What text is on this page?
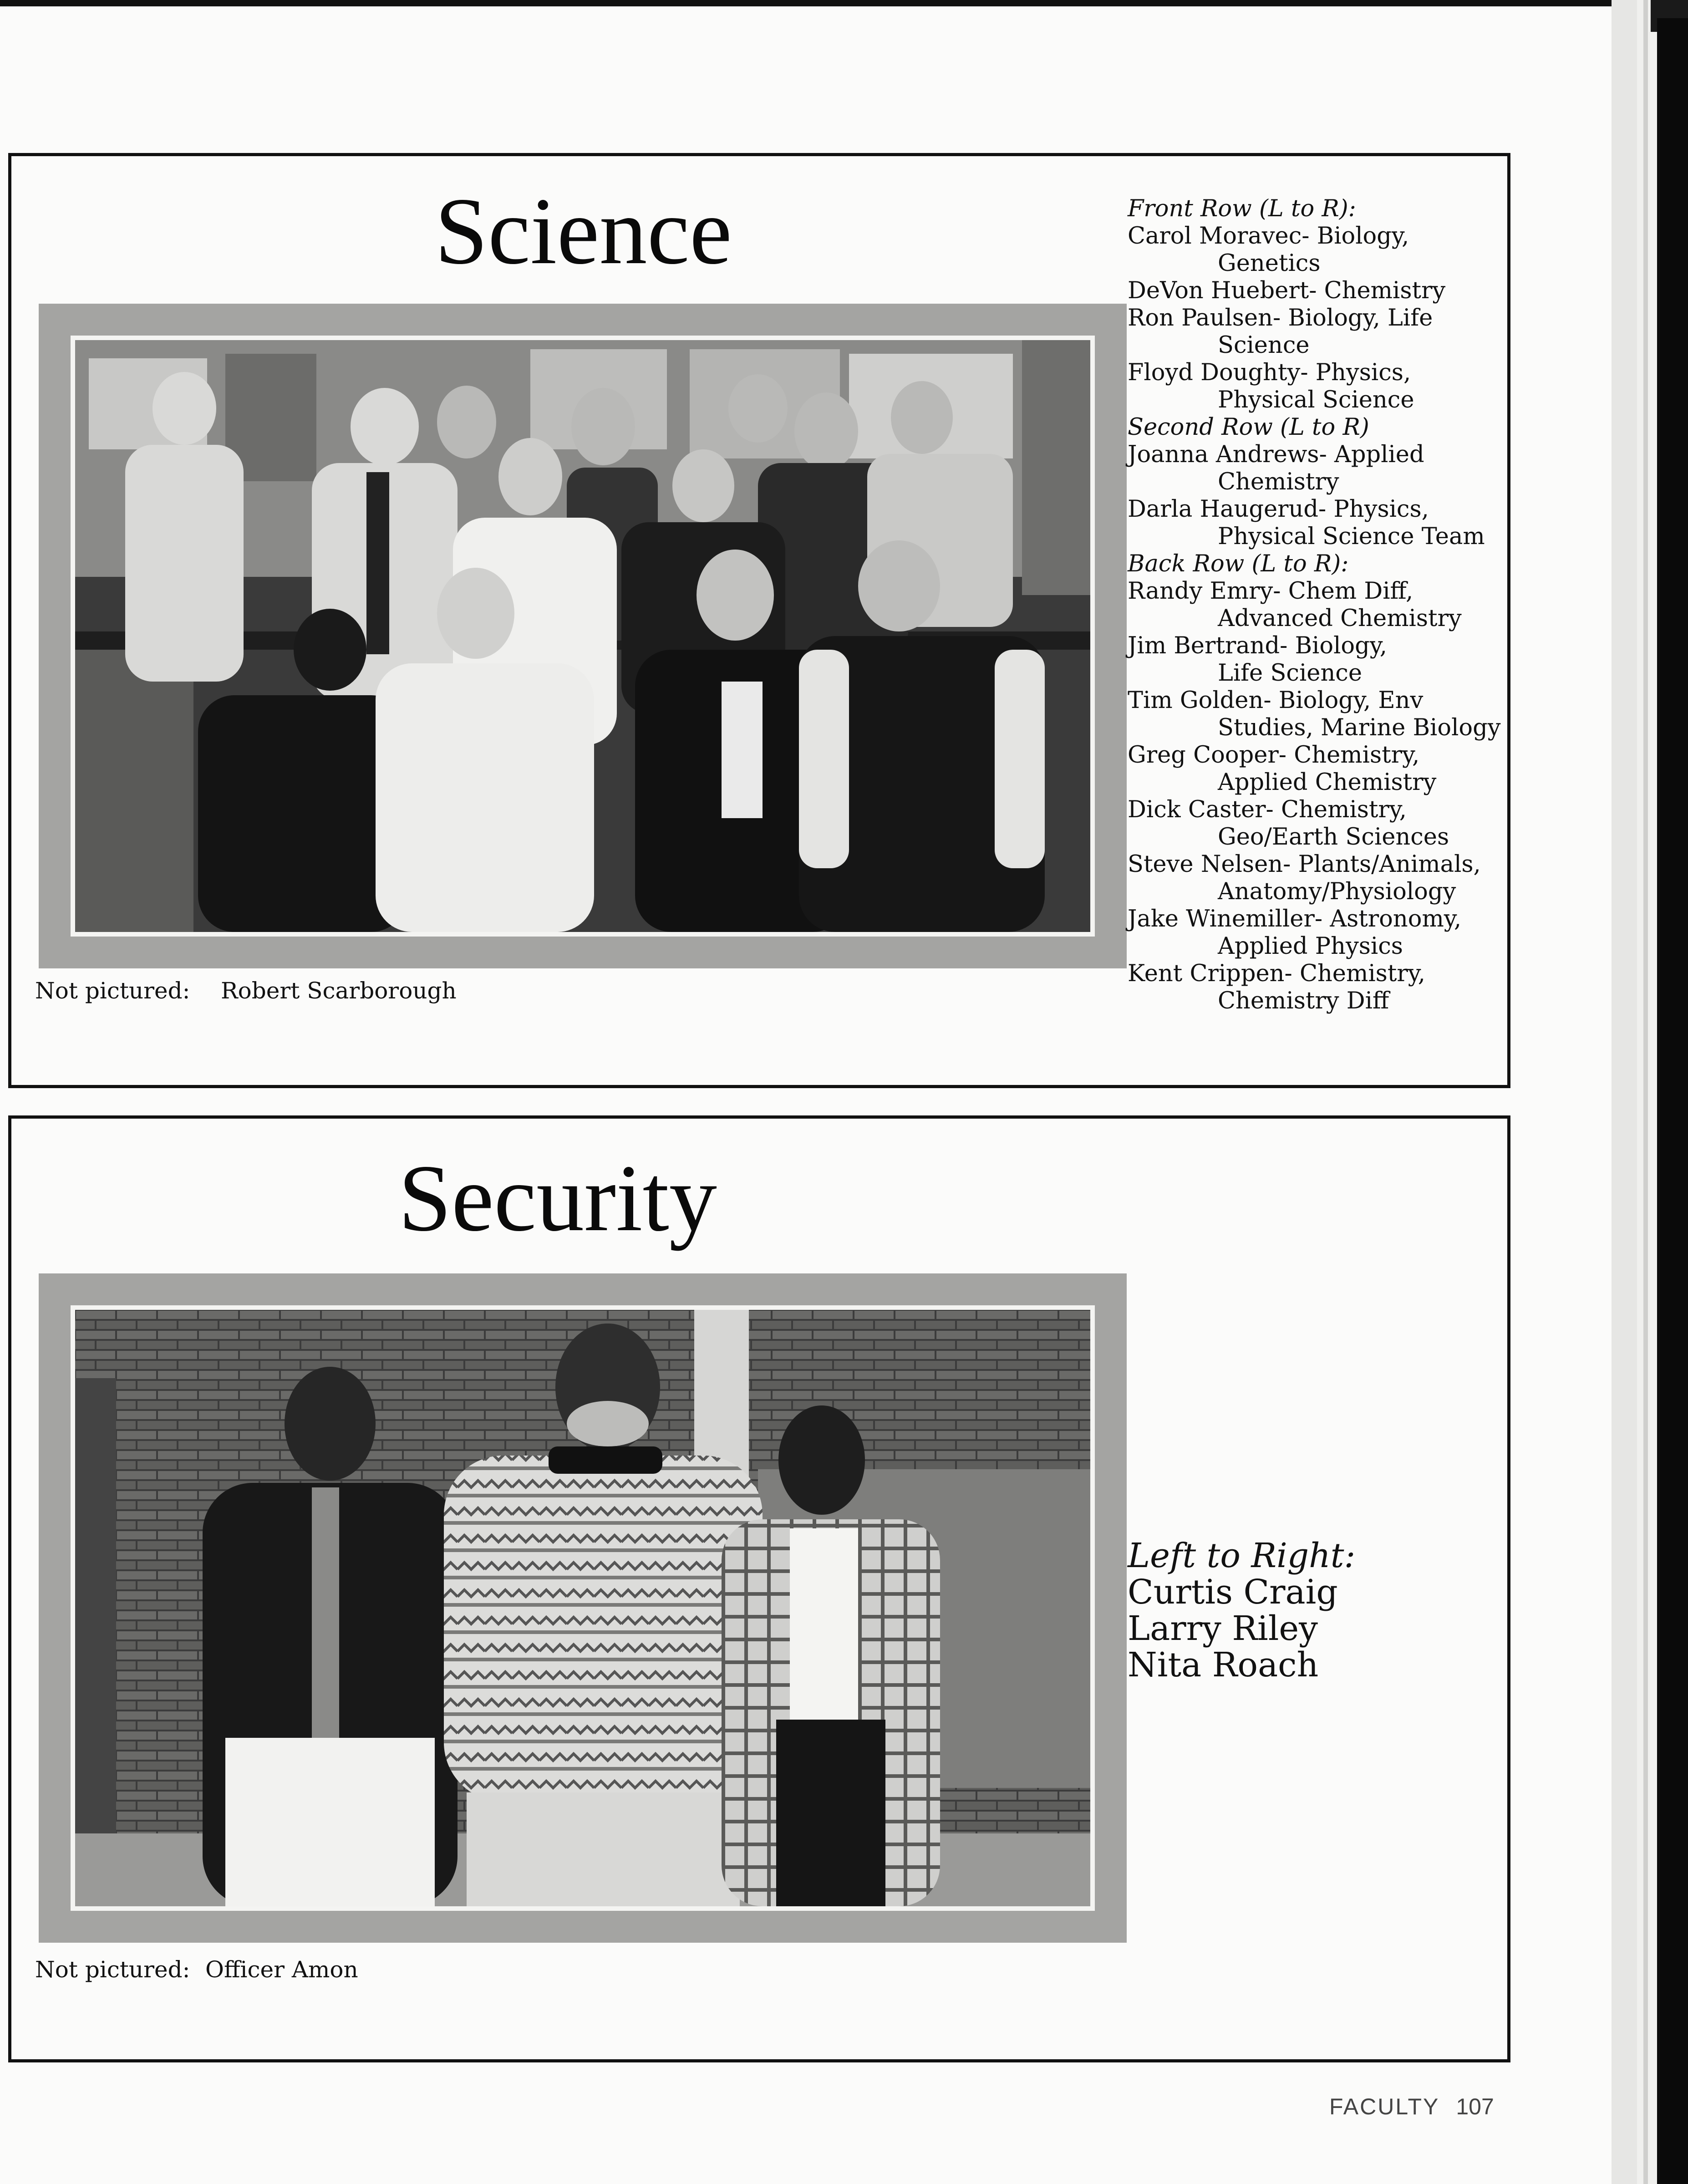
Science
Not pictured: Robert Scarborough
Front Row (L to R):
Carol Moravec- Biology,
Genetics
DeVon Huebert- Chemistry
Ron Paulsen- Biology, Life
Science
Floyd Doughty- Physics,
Physical Science
Second Row (L to R)
Joanna Andrews- Applied
Chemistry
Darla Haugerud- Physics,
Physical Science Team
Back Row (L to R):
Randy Emry- Chem Diff,
Advanced Chemistry
Jim Bertrand- Biology,
Life Science
Tim Golden- Biology, Env
Studies, Marine Biology
Greg Cooper- Chemistry,
Applied Chemistry
Dick Caster- Chemistry,
Geo/Earth Sciences
Steve Nelsen- Plants/Animals,
Anatomy/Physiology
Jake Winemiller- Astronomy,
Applied Physics
Kent Crippen- Chemistry,
Chemistry Diff
Security
Left to Right:
Curtis Craig
Larry Riley
Nita Roach
Not pictured: Officer Amon
FACULTY 107
